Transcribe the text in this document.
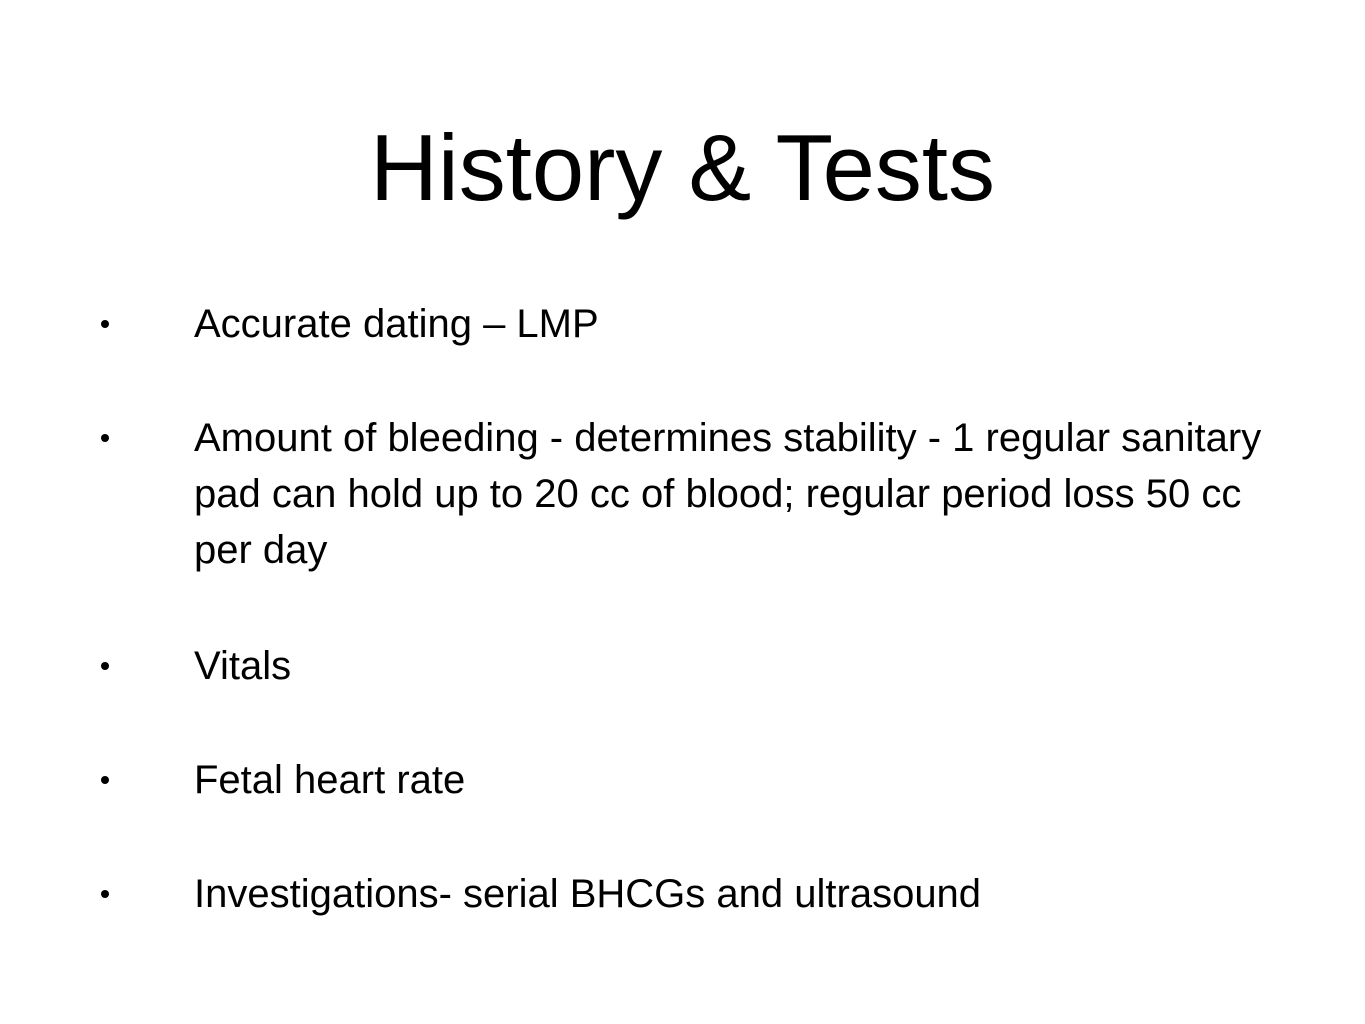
History & Tests
Accurate dating – LMP
Amount of bleeding - determines stability - 1 regular sanitary pad can hold up to 20 cc of blood; regular period loss 50 cc per day
Vitals
Fetal heart rate
Investigations- serial BHCGs and ultrasound
